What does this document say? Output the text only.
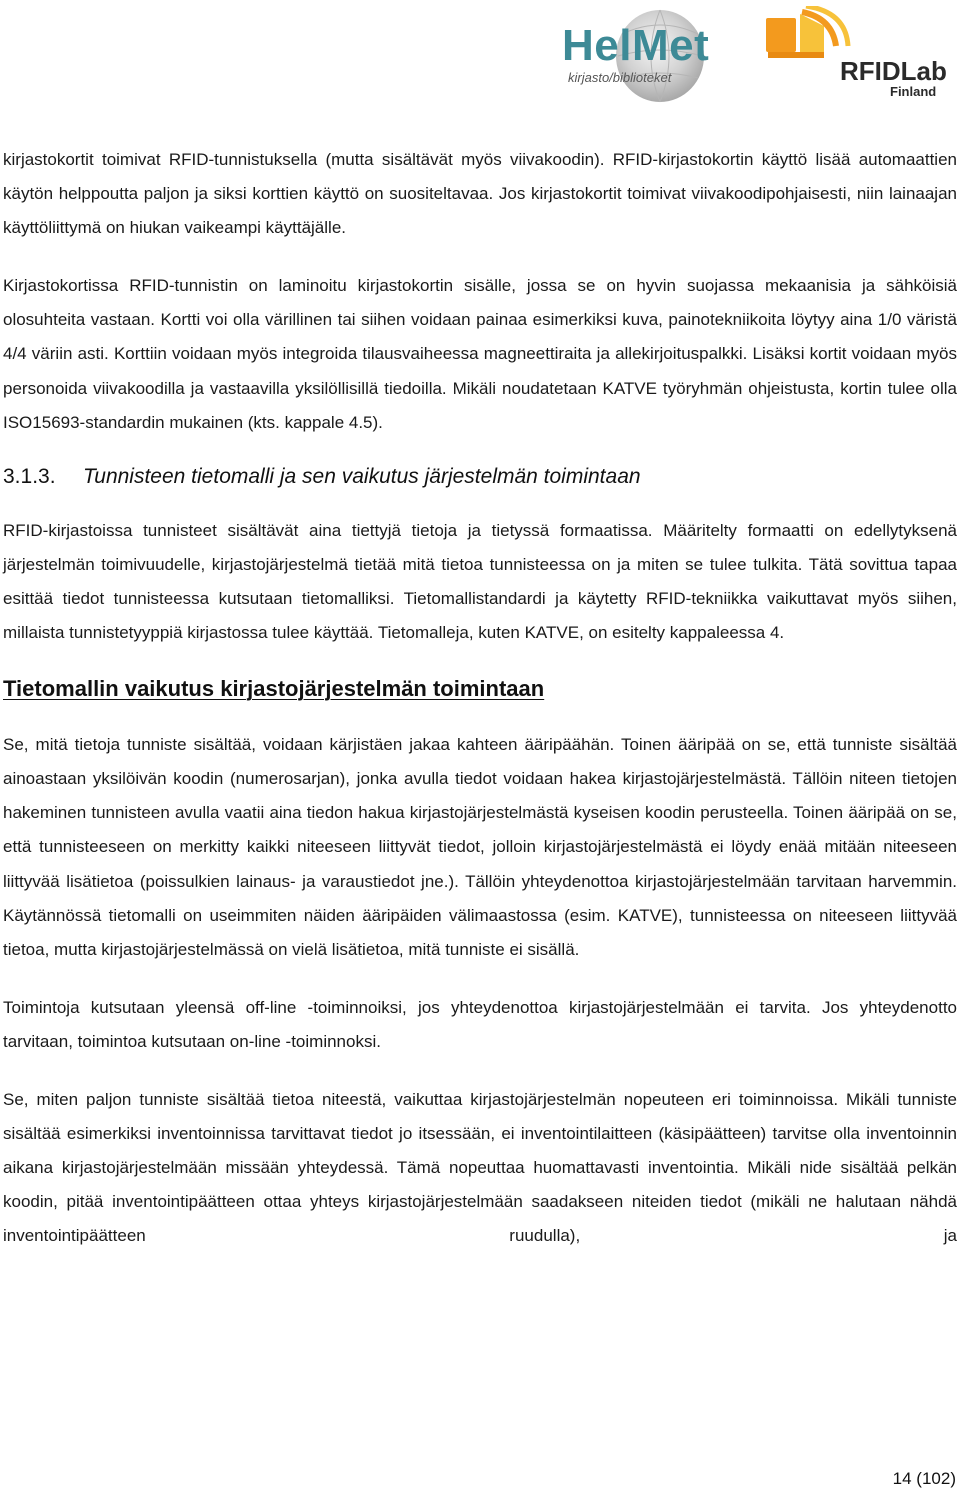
HelMet
kirjasto/biblioteket	RFIDLab
Finland

kirjastokortit toimivat RFID-tunnistuksella (mutta sisältävät myös viivakoodin). RFID-kirjastokortin käyttö lisää automaattien käytön helppoutta paljon ja siksi korttien käyttö on suositeltavaa. Jos kirjastokortit toimivat viivakoodipohjaisesti, niin lainaajan käyttöliittymä on hiukan vaikeampi käyttäjälle.

Kirjastokortissa RFID-tunnistin on laminoitu kirjastokortin sisälle, jossa se on hyvin suojassa mekaanisia ja sähköisiä olosuhteita vastaan. Kortti voi olla värillinen tai siihen voidaan painaa esimerkiksi kuva, painotekniikoita löytyy aina 1/0 väristä 4/4 väriin asti. Korttiin voidaan myös integroida tilausvaiheessa magneettiraita ja allekirjoituspalkki. Lisäksi kortit voidaan myös personoida viivakoodilla ja vastaavilla yksilöllisillä tiedoilla. Mikäli noudatetaan KATVE työryhmän ohjeistusta, kortin tulee olla ISO15693-standardin mukainen (kts. kappale 4.5).

3.1.3.	Tunnisteen tietomalli ja sen vaikutus järjestelmän toimintaan

RFID-kirjastoissa tunnisteet sisältävät aina tiettyjä tietoja ja tietyssä formaatissa. Määritelty formaatti on edellytyksenä järjestelmän toimivuudelle, kirjastojärjestelmä tietää mitä tietoa tunnisteessa on ja miten se tulee tulkita. Tätä sovittua tapaa esittää tiedot tunnisteessa kutsutaan tietomalliksi. Tietomallistandardi ja käytetty RFID-tekniikka vaikuttavat myös siihen, millaista tunnistetyyppiä kirjastossa tulee käyttää. Tietomalleja, kuten KATVE, on esitelty kappaleessa 4.

Tietomallin vaikutus kirjastojärjestelmän toimintaan

Se, mitä tietoja tunniste sisältää, voidaan kärjistäen jakaa kahteen ääripäähän. Toinen ääripää on se, että tunniste sisältää ainoastaan yksilöivän koodin (numerosarjan), jonka avulla tiedot voidaan hakea kirjastojärjestelmästä. Tällöin niteen tietojen hakeminen tunnisteen avulla vaatii aina tiedon hakua kirjastojärjestelmästä kyseisen koodin perusteella. Toinen ääripää on se, että tunnisteeseen on merkitty kaikki niteeseen liittyvät tiedot, jolloin kirjastojärjestelmästä ei löydy enää mitään niteeseen liittyvää lisätietoa (poissulkien lainaus- ja varaustiedot jne.). Tällöin yhteydenottoa kirjastojärjestelmään tarvitaan harvemmin. Käytännössä tietomalli on useimmiten näiden ääripäiden välimaastossa (esim. KATVE), tunnisteessa on niteeseen liittyvää tietoa, mutta kirjastojärjestelmässä on vielä lisätietoa, mitä tunniste ei sisällä.

Toimintoja kutsutaan yleensä off-line -toiminnoiksi, jos yhteydenottoa kirjastojärjestelmään ei tarvita. Jos yhteydenotto tarvitaan, toimintoa kutsutaan on-line -toiminnoksi.

Se, miten paljon tunniste sisältää tietoa niteestä, vaikuttaa kirjastojärjestelmän nopeuteen eri toiminnoissa. Mikäli tunniste sisältää esimerkiksi inventoinnissa tarvittavat tiedot jo itsessään, ei inventointilaitteen (käsipäätteen) tarvitse olla inventoinnin aikana kirjastojärjestelmään missään yhteydessä. Tämä nopeuttaa huomattavasti inventointia. Mikäli nide sisältää pelkän koodin, pitää inventointipäätteen ottaa yhteys kirjastojärjestelmään saadakseen niteiden tiedot (mikäli ne halutaan nähdä inventointipäätteen ruudulla), ja

14 (102)
